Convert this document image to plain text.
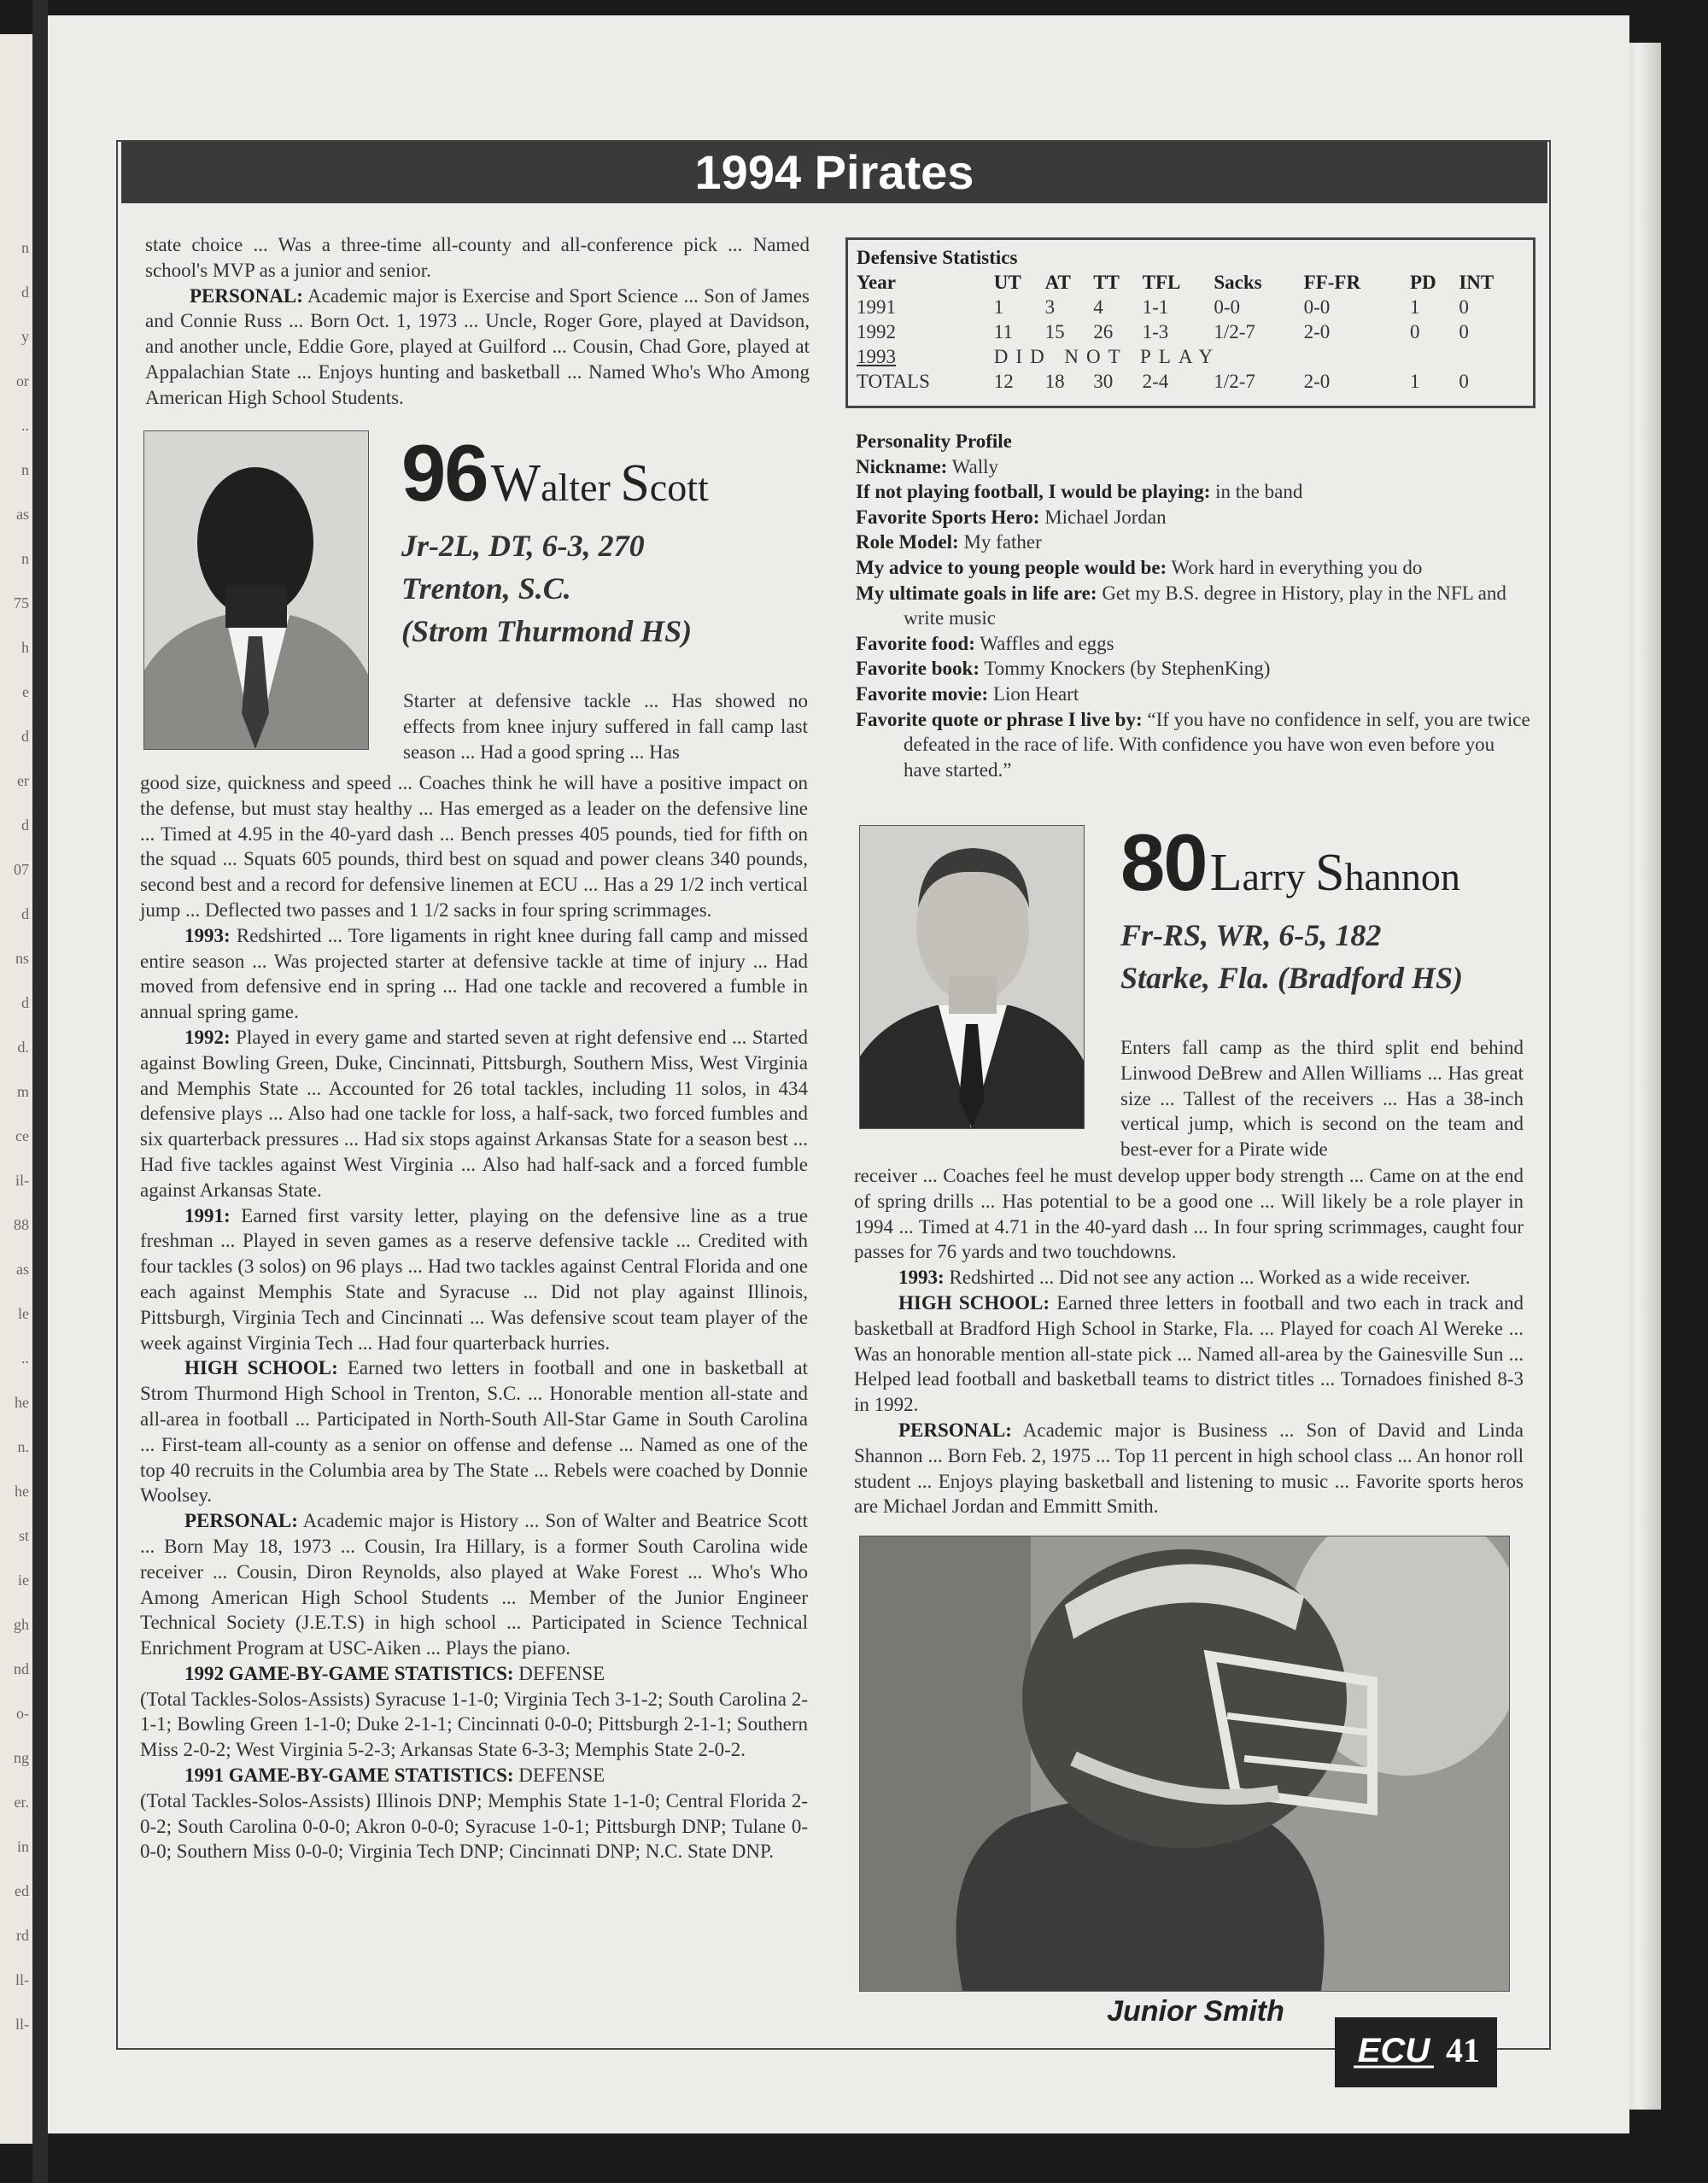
n
d
y
or
..
n
as
n
75
h
e
d
er
d
07
d
ns
d
d.
m
ce
il-
88
as
le
..
he
n.
he
st
ie
gh
nd
o-
ng
er.
in
ed
rd
ll-
ll-
1994 Pirates

state choice ... Was a three-time all-county and all-conference pick ... Named school's MVP as a junior and senior.

PERSONAL: Academic major is Exercise and Sport Science ... Son of James and Connie Russ ... Born Oct. 1, 1973 ... Uncle, Roger Gore, played at Davidson, and another uncle, Eddie Gore, played at Guilford ... Cousin, Chad Gore, played at Appalachian State ... Enjoys hunting and basketball ... Named Who's Who Among American High School Students.

96 Walter Scott
Jr-2L, DT, 6-3, 270
Trenton, S.C.
(Strom Thurmond HS)
Starter at defensive tackle ... Has showed no effects from knee injury suffered in fall camp last season ... Had a good spring ... Has

good size, quickness and speed ... Coaches think he will have a positive impact on the defense, but must stay healthy ... Has emerged as a leader on the defensive line ... Timed at 4.95 in the 40-yard dash ... Bench presses 405 pounds, tied for fifth on the squad ... Squats 605 pounds, third best on squad and power cleans 340 pounds, second best and a record for defensive linemen at ECU ... Has a 29 1/2 inch vertical jump ... Deflected two passes and 1 1/2 sacks in four spring scrimmages.

1993: Redshirted ... Tore ligaments in right knee during fall camp and missed entire season ... Was projected starter at defensive tackle at time of injury ... Had moved from defensive end in spring ... Had one tackle and recovered a fumble in annual spring game.

1992: Played in every game and started seven at right defensive end ... Started against Bowling Green, Duke, Cincinnati, Pittsburgh, Southern Miss, West Virginia and Memphis State ... Accounted for 26 total tackles, including 11 solos, in 434 defensive plays ... Also had one tackle for loss, a half-sack, two forced fumbles and six quarterback pressures ... Had six stops against Arkansas State for a season best ... Had five tackles against West Virginia ... Also had half-sack and a forced fumble against Arkansas State.

1991: Earned first varsity letter, playing on the defensive line as a true freshman ... Played in seven games as a reserve defensive tackle ... Credited with four tackles (3 solos) on 96 plays ... Had two tackles against Central Florida and one each against Memphis State and Syracuse ... Did not play against Illinois, Pittsburgh, Virginia Tech and Cincinnati ... Was defensive scout team player of the week against Virginia Tech ... Had four quarterback hurries.

HIGH SCHOOL: Earned two letters in football and one in basketball at Strom Thurmond High School in Trenton, S.C. ... Honorable mention all-state and all-area in football ... Participated in North-South All-Star Game in South Carolina ... First-team all-county as a senior on offense and defense ... Named as one of the top 40 recruits in the Columbia area by The State ... Rebels were coached by Donnie Woolsey.

PERSONAL: Academic major is History ... Son of Walter and Beatrice Scott ... Born May 18, 1973 ... Cousin, Ira Hillary, is a former South Carolina wide receiver ... Cousin, Diron Reynolds, also played at Wake Forest ... Who's Who Among American High School Students ... Member of the Junior Engineer Technical Society (J.E.T.S) in high school ... Participated in Science Technical Enrichment Program at USC-Aiken ... Plays the piano.

1992 GAME-BY-GAME STATISTICS: DEFENSE

(Total Tackles-Solos-Assists) Syracuse 1-1-0; Virginia Tech 3-1-2; South Carolina 2-1-1; Bowling Green 1-1-0; Duke 2-1-1; Cincinnati 0-0-0; Pittsburgh 2-1-1; Southern Miss 2-0-2; West Virginia 5-2-3; Arkansas State 6-3-3; Memphis State 2-0-2.

1991 GAME-BY-GAME STATISTICS: DEFENSE

(Total Tackles-Solos-Assists) Illinois DNP; Memphis State 1-1-0; Central Florida 2-0-2; South Carolina 0-0-0; Akron 0-0-0; Syracuse 1-0-1; Pittsburgh DNP; Tulane 0-0-0; Southern Miss 0-0-0; Virginia Tech DNP; Cincinnati DNP; N.C. State DNP.

Defensive Statistics
Year	UT	AT	TT	TFL	Sacks	FF-FR	PD	INT
1991	1	3	4	1-1	0-0	0-0	1	0
1992	11	15	26	1-3	1/2-7	2-0	0	0
1993	DID NOT PLAY							
TOTALS	12	18	30	2-4	1/2-7	2-0	1	0
Personality Profile
Nickname: Wally
If not playing football, I would be playing: in the band
Favorite Sports Hero: Michael Jordan
Role Model: My father
My advice to young people would be: Work hard in everything you do
My ultimate goals in life are: Get my B.S. degree in History, play in the NFL and write music
Favorite food: Waffles and eggs
Favorite book: Tommy Knockers (by StephenKing)
Favorite movie: Lion Heart
Favorite quote or phrase I live by: “If you have no confidence in self, you are twice defeated in the race of life. With confidence you have won even before you have started.”
80 Larry Shannon
Fr-RS, WR, 6-5, 182
Starke, Fla. (Bradford HS)
Enters fall camp as the third split end behind Linwood DeBrew and Allen Williams ... Has great size ... Tallest of the receivers ... Has a 38-inch vertical jump, which is second on the team and best-ever for a Pirate wide

receiver ... Coaches feel he must develop upper body strength ... Came on at the end of spring drills ... Has potential to be a good one ... Will likely be a role player in 1994 ... Timed at 4.71 in the 40-yard dash ... In four spring scrimmages, caught four passes for 76 yards and two touchdowns.

1993: Redshirted ... Did not see any action ... Worked as a wide receiver.

HIGH SCHOOL: Earned three letters in football and two each in track and basketball at Bradford High School in Starke, Fla. ... Played for coach Al Wereke ... Was an honorable mention all-state pick ... Named all-area by the Gainesville Sun ... Helped lead football and basketball teams to district titles ... Tornadoes finished 8-3 in 1992.

PERSONAL: Academic major is Business ... Son of David and Linda Shannon ... Born Feb. 2, 1975 ... Top 11 percent in high school class ... An honor roll student ... Enjoys playing basketball and listening to music ... Favorite sports heros are Michael Jordan and Emmitt Smith.

Junior Smith
ECU 41
